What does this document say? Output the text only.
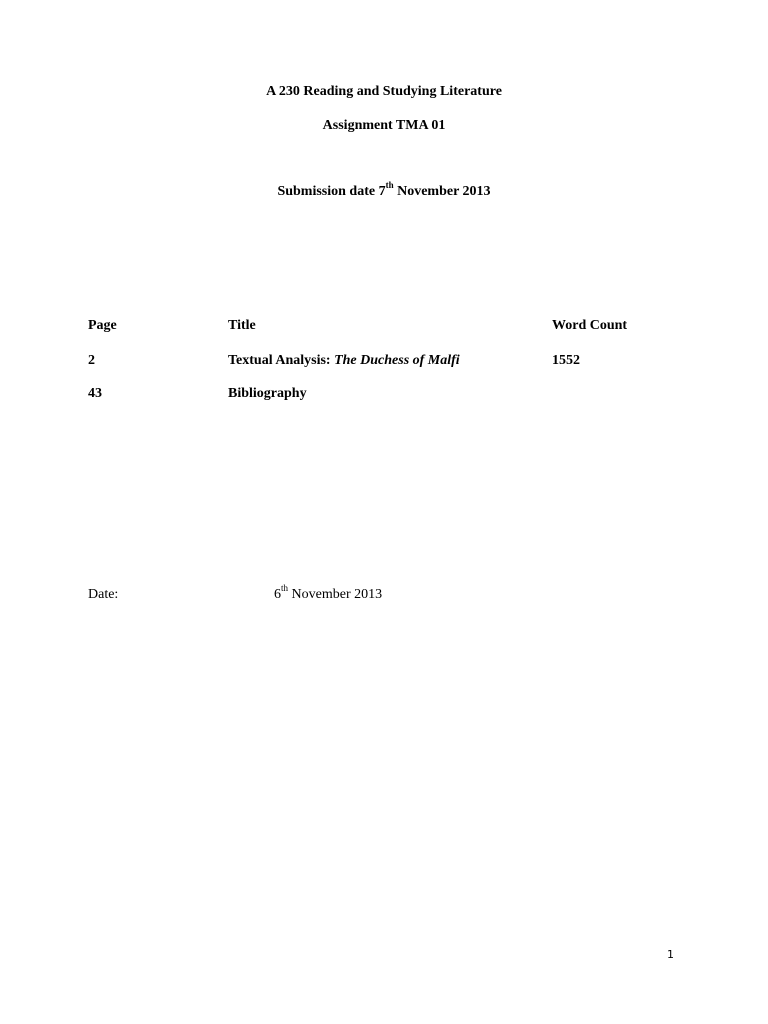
A 230 Reading and Studying Literature
Assignment TMA 01
Submission date 7th November 2013
Page	Title	Word Count
2	Textual Analysis: The Duchess of Malfi	1552
43	Bibliography
Date:	6th November 2013
1
